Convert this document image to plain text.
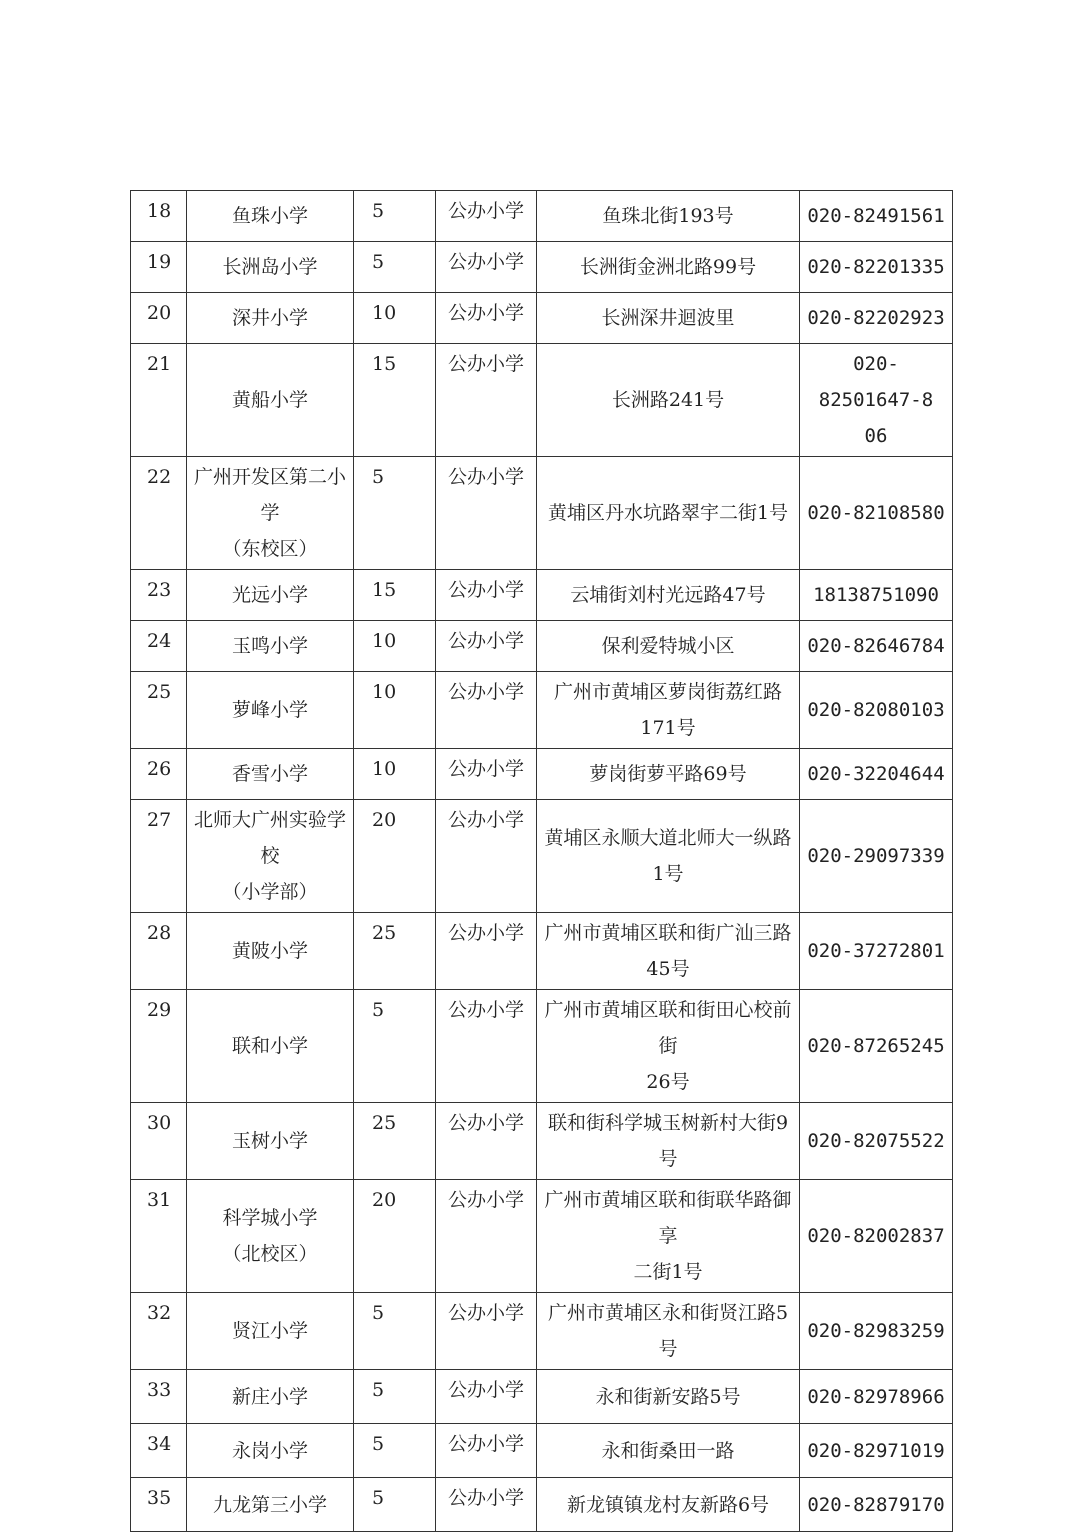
18	鱼珠小学	5	公办小学	鱼珠北街193号	020-82491561

19	长洲岛小学	5	公办小学	长洲街金洲北路99号	020-82201335

20	深井小学	10	公办小学	长洲深井迴波里	020-82202923

21	黄船小学	15	公办小学	长洲路241号	020-82501647-8
06

22	广州开发区第二小学
（东校区）	5	公办小学	黄埔区丹水坑路翠宇二街1号	020-82108580

23	光远小学	15	公办小学	云埔街刘村光远路47号	18138751090

24	玉鸣小学	10	公办小学	保利爱特城小区	020-82646784

25	萝峰小学	10	公办小学	广州市黄埔区萝岗街荔红路
171号	020-82080103

26	香雪小学	10	公办小学	萝岗街萝平路69号	020-32204644

27	北师大广州实验学校
（小学部）	20	公办小学	黄埔区永顺大道北师大一纵路
1号	020-29097339

28	黄陂小学	25	公办小学	广州市黄埔区联和街广汕三路
45号	020-37272801

29	联和小学	5	公办小学	广州市黄埔区联和街田心校前街
26号	020-87265245

30	玉树小学	25	公办小学	联和街科学城玉树新村大街9号	020-82075522

31	科学城小学
（北校区）	20	公办小学	广州市黄埔区联和街联华路御享
二街1号	020-82002837

32	贤江小学	5	公办小学	广州市黄埔区永和街贤江路5号	020-82983259

33	新庄小学	5	公办小学	永和街新安路5号	020-82978966

34	永岗小学	5	公办小学	永和街桑田一路	020-82971019

35	九龙第三小学	5	公办小学	新龙镇镇龙村友新路6号	020-82879170
